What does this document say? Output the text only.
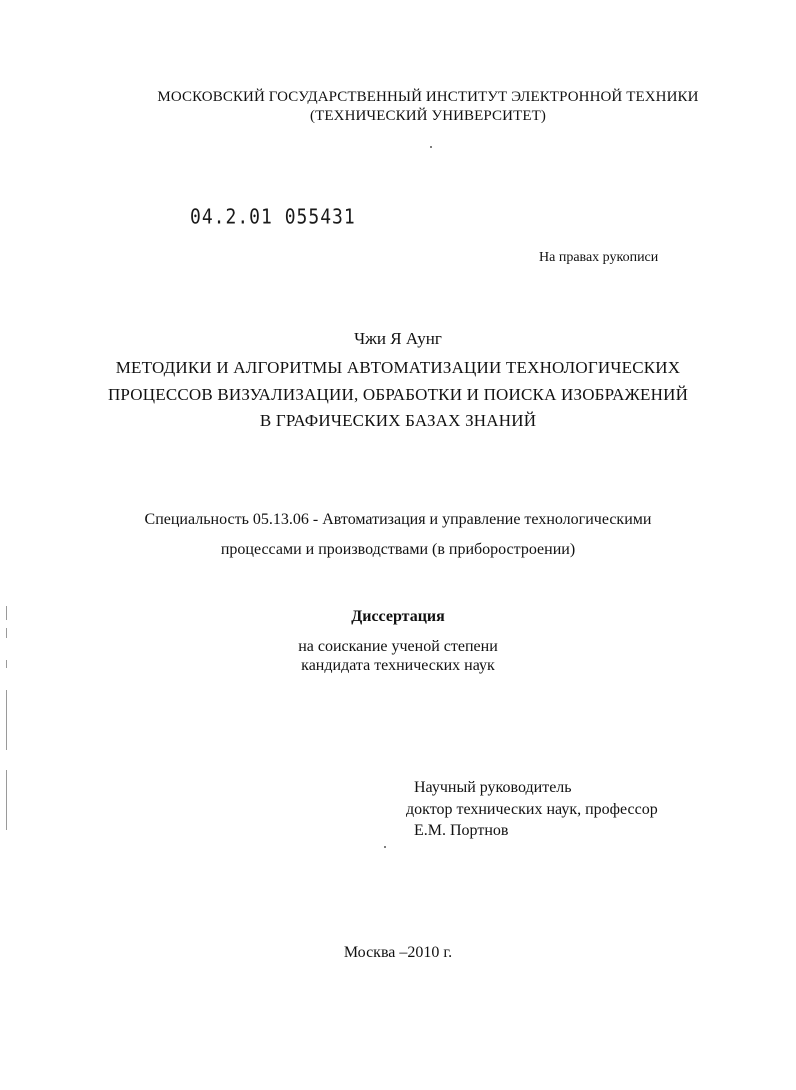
МОСКОВСКИЙ ГОСУДАРСТВЕННЫЙ ИНСТИТУТ ЭЛЕКТРОННОЙ ТЕХНИКИ
(ТЕХНИЧЕСКИЙ УНИВЕРСИТЕТ)
04.2.01 055431
На правах рукописи
Чжи Я Аунг
МЕТОДИКИ И АЛГОРИТМЫ АВТОМАТИЗАЦИИ ТЕХНОЛОГИЧЕСКИХ
ПРОЦЕССОВ ВИЗУАЛИЗАЦИИ, ОБРАБОТКИ И ПОИСКА ИЗОБРАЖЕНИЙ
В ГРАФИЧЕСКИХ БАЗАХ ЗНАНИЙ
Специальность 05.13.06 - Автоматизация и управление технологическими
процессами и производствами (в приборостроении)
Диссертация
на соискание ученой степени
кандидата технических наук
Научный руководитель
доктор технических наук, профессор
Е.М. Портнов
Москва –2010 г.
